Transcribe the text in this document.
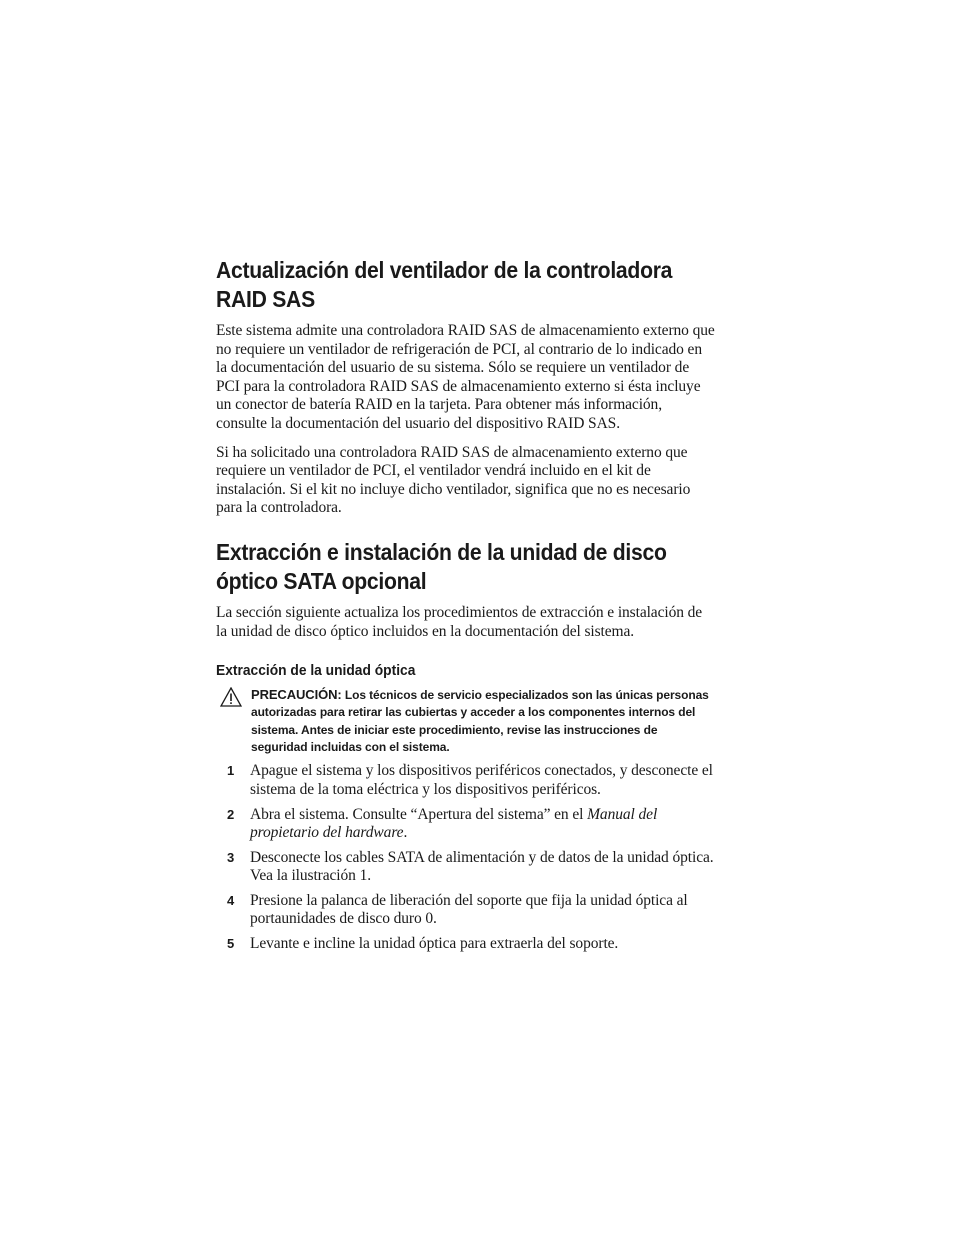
Actualización del ventilador de la controladora RAID SAS

Este sistema admite una controladora RAID SAS de almacenamiento externo que no requiere un ventilador de refrigeración de PCI, al contrario de lo indicado en la documentación del usuario de su sistema. Sólo se requiere un ventilador de PCI para la controladora RAID SAS de almacenamiento externo si ésta incluye un conector de batería RAID en la tarjeta. Para obtener más información, consulte la documentación del usuario del dispositivo RAID SAS.

Si ha solicitado una controladora RAID SAS de almacenamiento externo que requiere un ventilador de PCI, el ventilador vendrá incluido en el kit de instalación. Si el kit no incluye dicho ventilador, significa que no es necesario para la controladora.

Extracción e instalación de la unidad de disco óptico SATA opcional

La sección siguiente actualiza los procedimientos de extracción e instalación de la unidad de disco óptico incluidos en la documentación del sistema.

Extracción de la unidad óptica
PRECAUCIÓN: Los técnicos de servicio especializados son las únicas personas autorizadas para retirar las cubiertas y acceder a los componentes internos del sistema. Antes de iniciar este procedimiento, revise las instrucciones de seguridad incluidas con el sistema.
1 Apague el sistema y los dispositivos periféricos conectados, y desconecte el sistema de la toma eléctrica y los dispositivos periféricos.
2 Abra el sistema. Consulte “Apertura del sistema” en el Manual del propietario del hardware.
3 Desconecte los cables SATA de alimentación y de datos de la unidad óptica. Vea la ilustración 1.
4 Presione la palanca de liberación del soporte que fija la unidad óptica al portaunidades de disco duro 0.
5 Levante e incline la unidad óptica para extraerla del soporte.
